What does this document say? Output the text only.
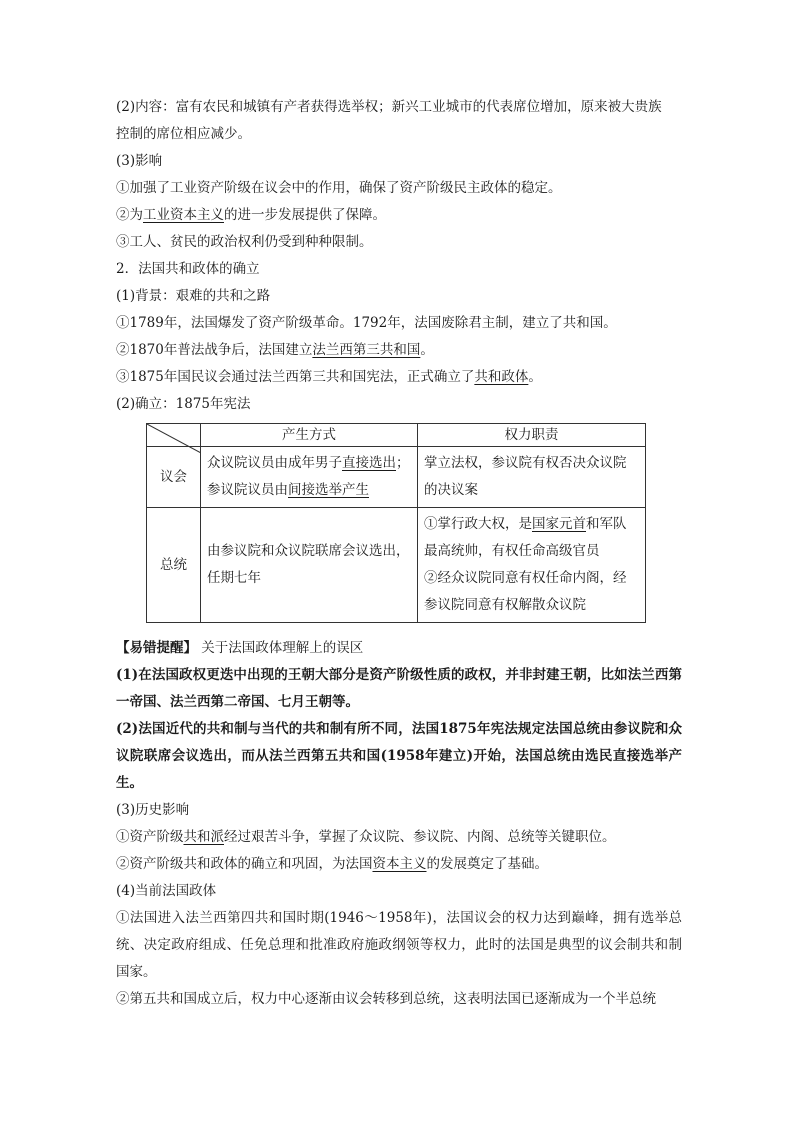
(2)内容：富有农民和城镇有产者获得选举权；新兴工业城市的代表席位增加，原来被大贵族
控制的席位相应减少。
(3)影响
①加强了工业资产阶级在议会中的作用，确保了资产阶级民主政体的稳定。
②为工业资本主义的进一步发展提供了保障。
③工人、贫民的政治权利仍受到种种限制。
2．法国共和政体的确立
(1)背景：艰难的共和之路
①1789年，法国爆发了资产阶级革命。1792年，法国废除君主制，建立了共和国。
②1870年普法战争后，法国建立法兰西第三共和国。
③1875年国民议会通过法兰西第三共和国宪法，正式确立了共和政体。
(2)确立：1875年宪法
	产生方式	权力职责
议会	众议院议员由成年男子直接选出；参议院议员由间接选举产生	掌立法权，参议院有权否决众议院的决议案
总统	由参议院和众议院联席会议选出，任期七年	①掌行政大权，是国家元首和军队最高统帅，有权任命高级官员
②经众议院同意有权任命内阁，经参议院同意有权解散众议院
【易错提醒】 关于法国政体理解上的误区
(1)在法国政权更迭中出现的王朝大部分是资产阶级性质的政权，并非封建王朝，比如法兰西第一帝国、法兰西第二帝国、七月王朝等。
(2)法国近代的共和制与当代的共和制有所不同，法国1875年宪法规定法国总统由参议院和众议院联席会议选出，而从法兰西第五共和国(1958年建立)开始，法国总统由选民直接选举产生。
(3)历史影响
①资产阶级共和派经过艰苦斗争，掌握了众议院、参议院、内阁、总统等关键职位。
②资产阶级共和政体的确立和巩固，为法国资本主义的发展奠定了基础。
(4)当前法国政体
①法国进入法兰西第四共和国时期(1946～1958年)，法国议会的权力达到巅峰，拥有选举总统、决定政府组成、任免总理和批准政府施政纲领等权力，此时的法国是典型的议会制共和制国家。
②第五共和国成立后，权力中心逐渐由议会转移到总统，这表明法国已逐渐成为一个半总统
